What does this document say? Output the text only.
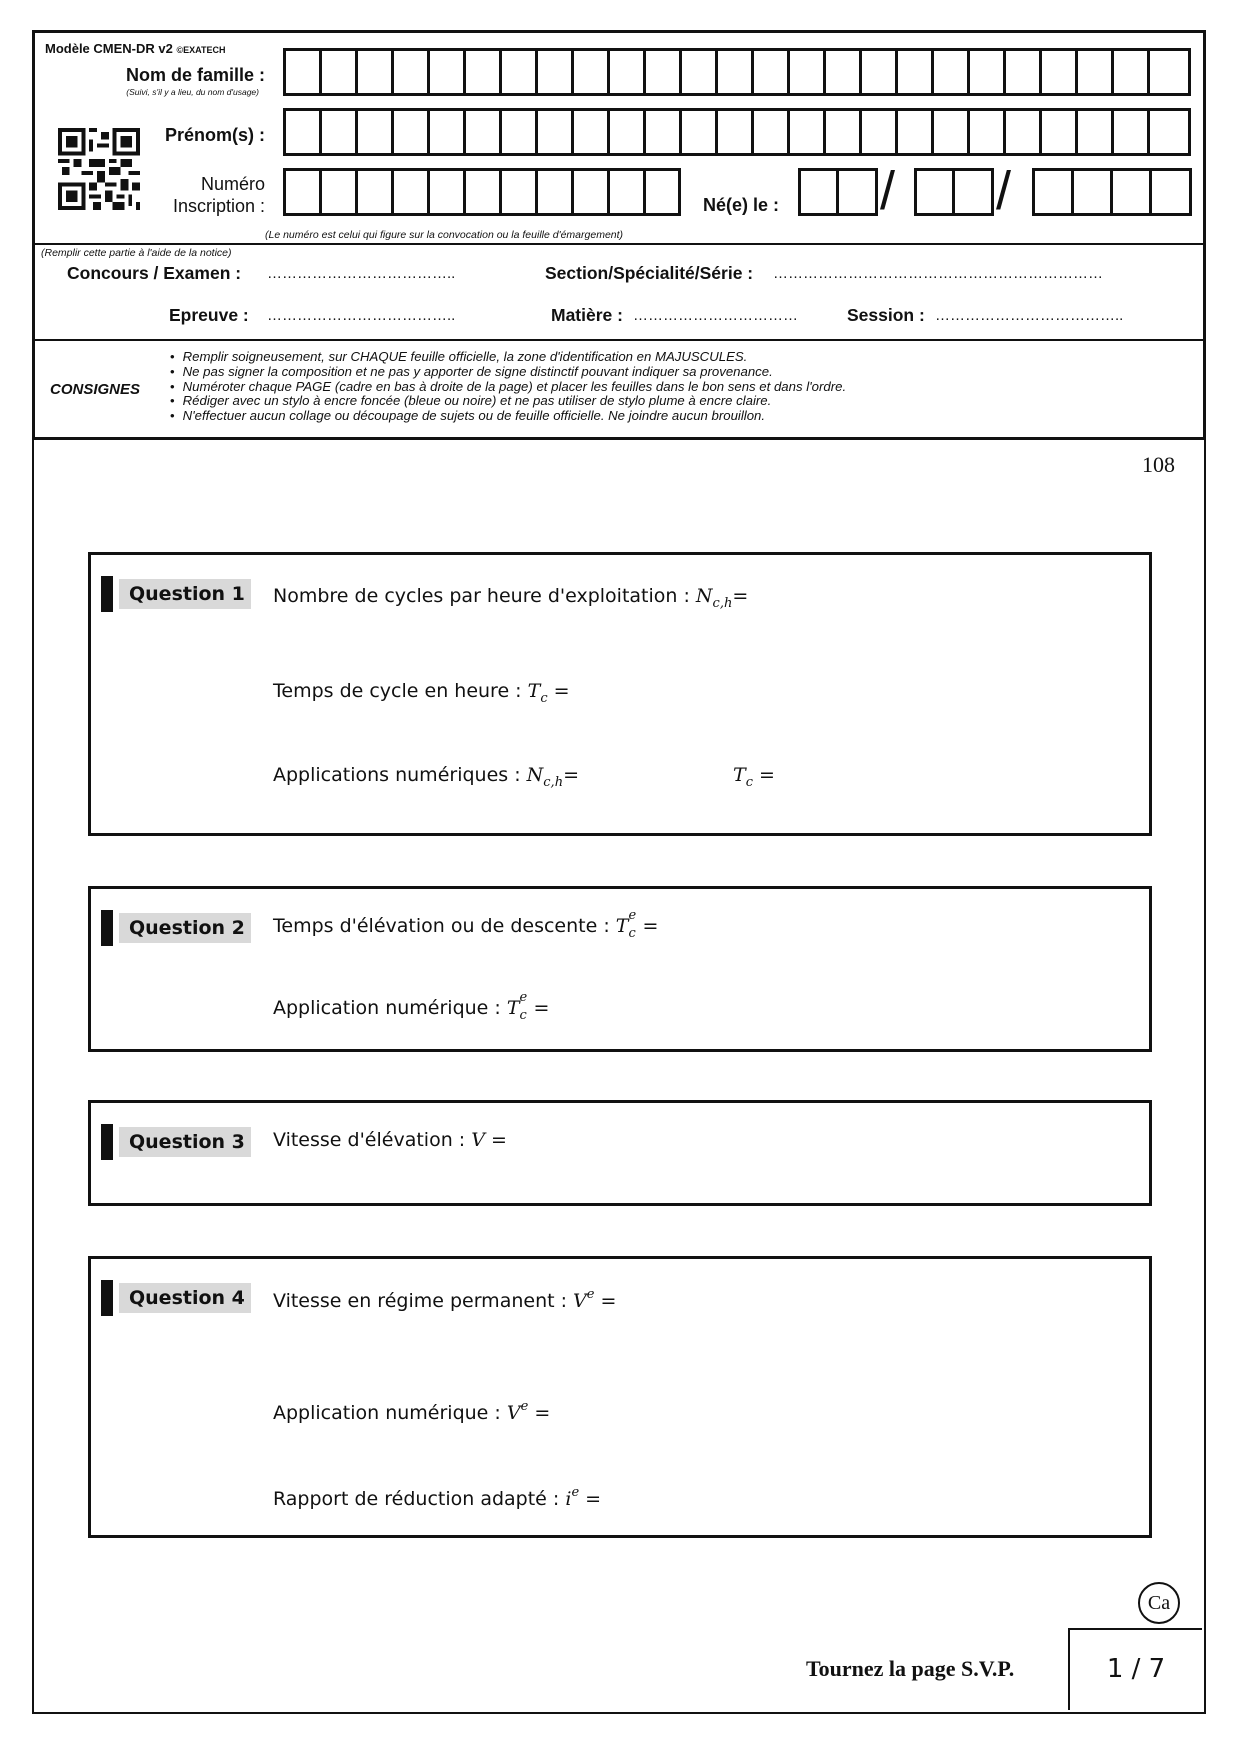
Modèle CMEN-DR v2 ©EXATECH
Nom de famille :
(Suivi, s'il y a lieu, du nom d'usage)
Prénom(s) :
Numéro
Inscription :	Né(e) le :
(Le numéro est celui qui figure sur la convocation ou la feuille d'émargement)
(Remplir cette partie à l'aide de la notice)
Concours / Examen : ………………………………..	Section/Spécialité/Série : …………………………………………………………
Epreuve : ………………………………..	Matière : ……………………………	Session : ………………………………..
CONSIGNES
• Remplir soigneusement, sur CHAQUE feuille officielle, la zone d'identification en MAJUSCULES.
• Ne pas signer la composition et ne pas y apporter de signe distinctif pouvant indiquer sa provenance.
• Numéroter chaque PAGE (cadre en bas à droite de la page) et placer les feuilles dans le bon sens et dans l'ordre.
• Rédiger avec un stylo à encre foncée (bleue ou noire) et ne pas utiliser de stylo plume à encre claire.
• N'effectuer aucun collage ou découpage de sujets ou de feuille officielle. Ne joindre aucun brouillon.
/ /
108
Question 1	Nombre de cycles par heure d'exploitation : $N_{c,h}=$
Temps de cycle en heure : $T_c$ =
Applications numériques : $N_{c,h}=$	$T_c$ =
Question 2	Temps d'élévation ou de descente : T e
c =
Application numérique : T e
c =
Question 3	Vitesse d'élévation : V =
Question 4	Vitesse en régime permanent : $V^e$ =
Application numérique : $V^e$ =
Rapport de réduction adapté : $i^e$ =
Ca
Tournez la page S.V.P.	1 / 7
